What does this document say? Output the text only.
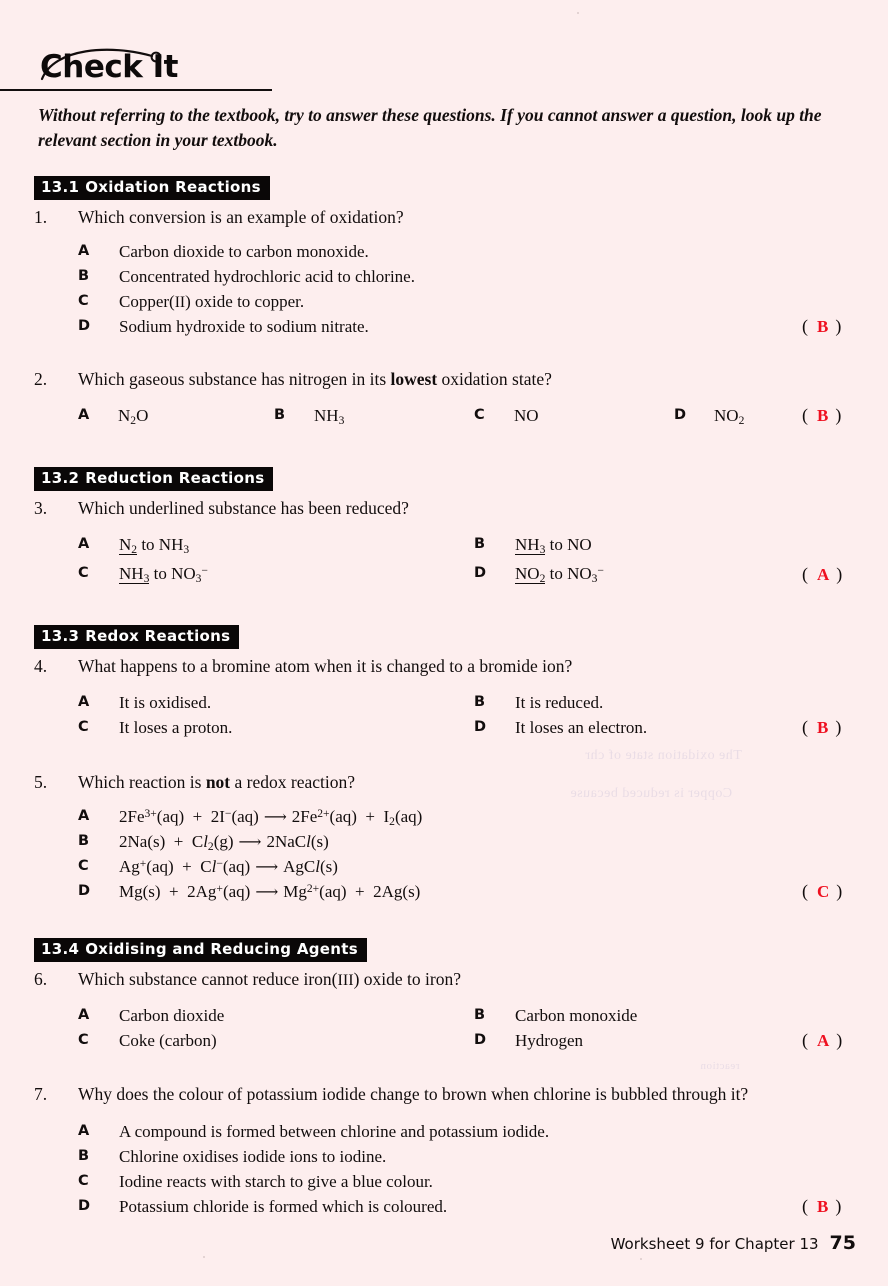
The oxidation state of chr
Copper is reduced because
reaction
Check It
Without referring to the textbook, try to answer these questions. If you cannot answer a question, look up the relevant section in your textbook.
13.1 Oxidation Reactions
1.	Which conversion is an example of oxidation?
A	Carbon dioxide to carbon monoxide.
B	Concentrated hydrochloric acid to chlorine.
C	Copper(II) oxide to copper.
D	Sodium hydroxide to sodium nitrate.	( B )
2.	Which gaseous substance has nitrogen in its lowest oxidation state?
A	$N_2O$	B	$NH_3$	C	NO	D	$NO_2$	( B )
13.2 Reduction Reactions
3.	Which underlined substance has been reduced?
A	$N_2$ to $NH_3$	B	$NH_3$ to NO
C	$NH_3$ to $NO_3^-$	D	$NO_2$ to $NO_3^-$	( A )
13.3 Redox Reactions
4.	What happens to a bromine atom when it is changed to a bromide ion?
A	It is oxidised.	B	It is reduced.
C	It loses a proton.	D	It loses an electron.	( B )
5.	Which reaction is not a redox reaction?
A	$2Fe^{3+}(aq) + 2I^-(aq)$ ⟶ $2Fe^{2+}(aq) + I_2(aq)$
B	$2Na(s) + Cl_2(g)$ ⟶ 2NaCl(s)
C	Ag+(aq)  +  Cl−(aq) ⟶ AgCl(s)
D	Mg(s)  +  2Ag+(aq) ⟶ $Mg^{2+}(aq) + 2Ag(s)$	( C )
13.4 Oxidising and Reducing Agents
6.	Which substance cannot reduce iron(III) oxide to iron?
A	Carbon dioxide	B	Carbon monoxide
C	Coke (carbon)	D	Hydrogen	( A )
7.	Why does the colour of potassium iodide change to brown when chlorine is bubbled through it?
A	A compound is formed between chlorine and potassium iodide.
B	Chlorine oxidises iodide ions to iodine.
C	Iodine reacts with starch to give a blue colour.
D	Potassium chloride is formed which is coloured.	( B )
Worksheet 9 for Chapter 13 75
